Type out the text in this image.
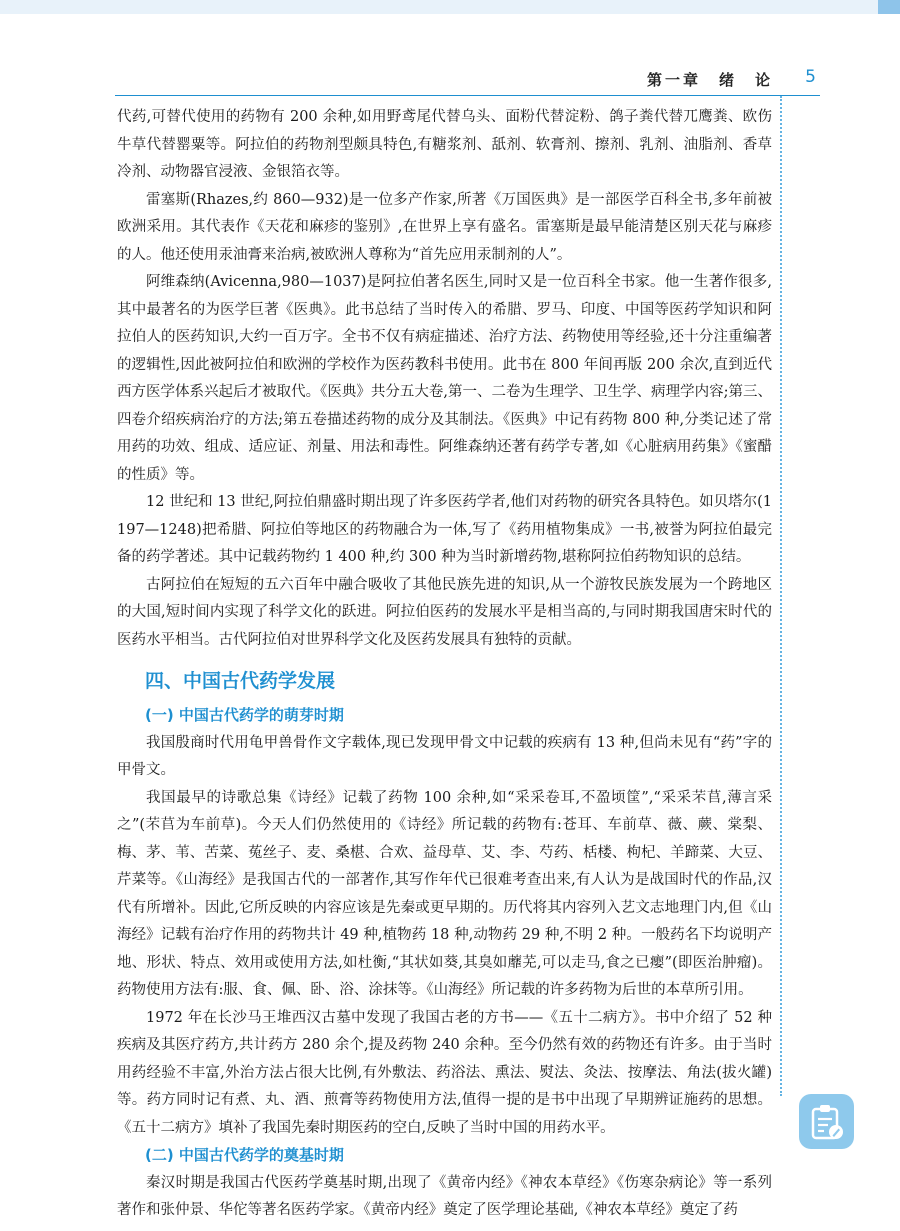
第一章　绪　论 5

代药,可替代使用的药物有 200 余种,如用野鸢尾代替乌头、面粉代替淀粉、鸽子粪代替兀鹰粪、欧伤牛草代替罂粟等。阿拉伯的药物剂型颇具特色,有糖浆剂、舐剂、软膏剂、擦剂、乳剂、油脂剂、香草冷剂、动物器官浸液、金银箔衣等。

雷塞斯(Rhazes,约 860—932)是一位多产作家,所著《万国医典》是一部医学百科全书,多年前被欧洲采用。其代表作《天花和麻疹的鉴别》,在世界上享有盛名。雷塞斯是最早能清楚区别天花与麻疹的人。他还使用汞油膏来治病,被欧洲人尊称为“首先应用汞制剂的人”。

阿维森纳(Avicenna,980—1037)是阿拉伯著名医生,同时又是一位百科全书家。他一生著作很多,其中最著名的为医学巨著《医典》。此书总结了当时传入的希腊、罗马、印度、中国等医药学知识和阿拉伯人的医药知识,大约一百万字。全书不仅有病症描述、治疗方法、药物使用等经验,还十分注重编著的逻辑性,因此被阿拉伯和欧洲的学校作为医药教科书使用。此书在 800 年间再版 200 余次,直到近代西方医学体系兴起后才被取代。《医典》共分五大卷,第一、二卷为生理学、卫生学、病理学内容;第三、四卷介绍疾病治疗的方法;第五卷描述药物的成分及其制法。《医典》中记有药物 800 种,分类记述了常用药的功效、组成、适应证、剂量、用法和毒性。阿维森纳还著有药学专著,如《心脏病用药集》《蜜醋的性质》等。

12 世纪和 13 世纪,阿拉伯鼎盛时期出现了许多医药学者,他们对药物的研究各具特色。如贝塔尔(1197—1248)把希腊、阿拉伯等地区的药物融合为一体,写了《药用植物集成》一书,被誉为阿拉伯最完备的药学著述。其中记载药物约 1 400 种,约 300 种为当时新增药物,堪称阿拉伯药物知识的总结。

古阿拉伯在短短的五六百年中融合吸收了其他民族先进的知识,从一个游牧民族发展为一个跨地区的大国,短时间内实现了科学文化的跃进。阿拉伯医药的发展水平是相当高的,与同时期我国唐宋时代的医药水平相当。古代阿拉伯对世界科学文化及医药发展具有独特的贡献。

四、中国古代药学发展
(一) 中国古代药学的萌芽时期

我国殷商时代用龟甲兽骨作文字载体,现已发现甲骨文中记载的疾病有 13 种,但尚未见有“药”字的甲骨文。

我国最早的诗歌总集《诗经》记载了药物 100 余种,如“采采卷耳,不盈顷筐”,“采采芣苢,薄言采之”(芣苢为车前草)。今天人们仍然使用的《诗经》所记载的药物有:苍耳、车前草、薇、蕨、棠梨、梅、茅、苇、苦菜、菟丝子、麦、桑椹、合欢、益母草、艾、李、芍药、栝楼、枸杞、羊蹄菜、大豆、芹菜等。《山海经》是我国古代的一部著作,其写作年代已很难考查出来,有人认为是战国时代的作品,汉代有所增补。因此,它所反映的内容应该是先秦或更早期的。历代将其内容列入艺文志地理门内,但《山海经》记载有治疗作用的药物共计 49 种,植物药 18 种,动物药 29 种,不明 2 种。一般药名下均说明产地、形状、特点、效用或使用方法,如杜衡,“其状如葵,其臭如蘼芜,可以走马,食之已瘿”(即医治肿瘤)。药物使用方法有:服、食、佩、卧、浴、涂抹等。《山海经》所记载的许多药物为后世的本草所引用。

1972 年在长沙马王堆西汉古墓中发现了我国古老的方书——《五十二病方》。书中介绍了 52 种疾病及其医疗药方,共计药方 280 余个,提及药物 240 余种。至今仍然有效的药物还有许多。由于当时用药经验不丰富,外治方法占很大比例,有外敷法、药浴法、熏法、熨法、灸法、按摩法、角法(拔火罐)等。药方同时记有煮、丸、酒、煎膏等药物使用方法,值得一提的是书中出现了早期辨证施药的思想。《五十二病方》填补了我国先秦时期医药的空白,反映了当时中国的用药水平。

(二) 中国古代药学的奠基时期

秦汉时期是我国古代医药学奠基时期,出现了《黄帝内经》《神农本草经》《伤寒杂病论》等一系列著作和张仲景、华佗等著名医药学家。《黄帝内经》奠定了医学理论基础,《神农本草经》奠定了药
